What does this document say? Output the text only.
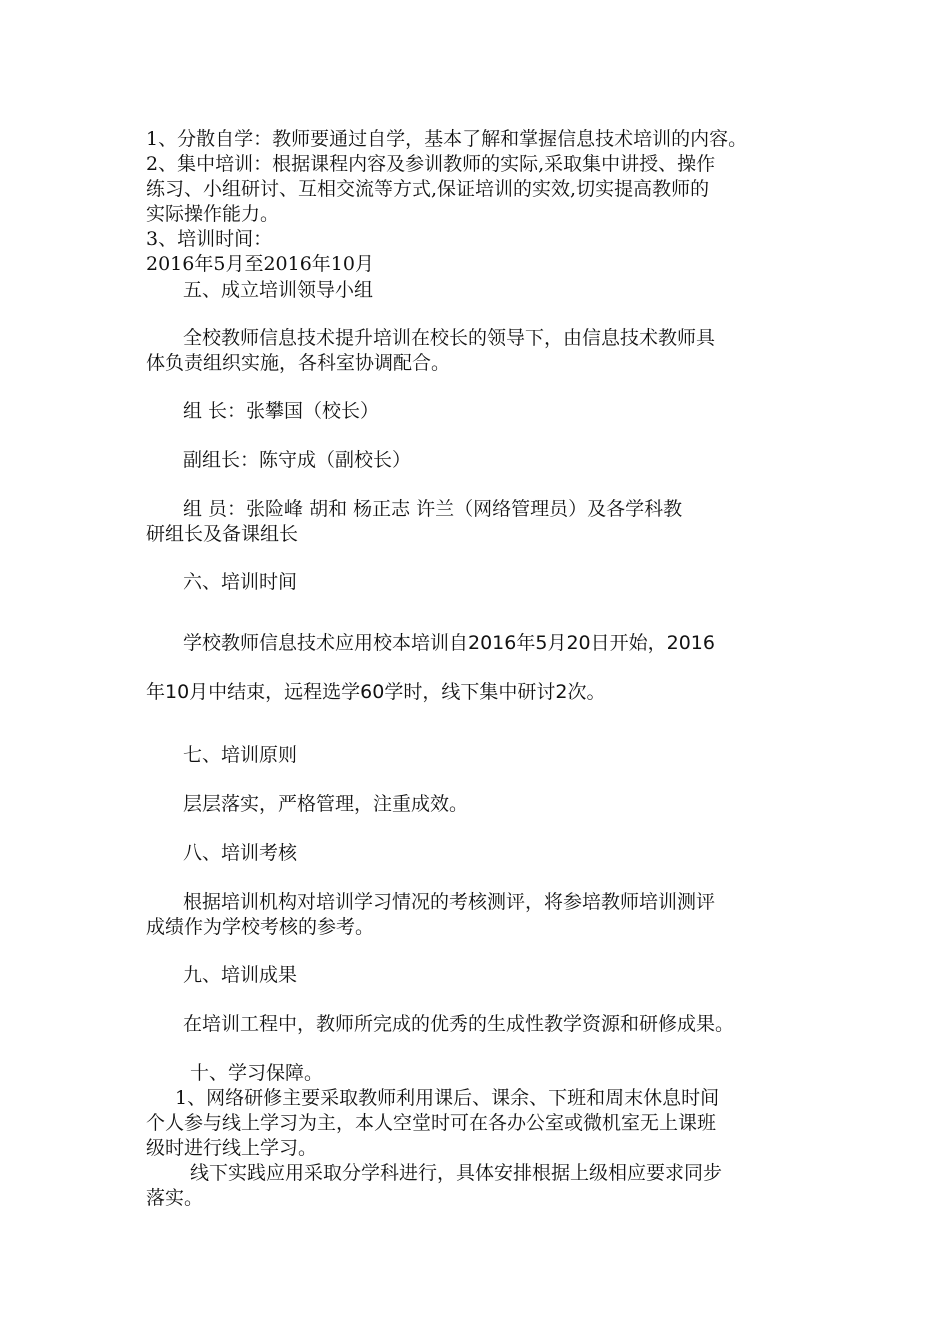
1、分散自学：教师要通过自学，基本了解和掌握信息技术培训的内容。
2、集中培训：根据课程内容及参训教师的实际,采取集中讲授、操作
练习、小组研讨、互相交流等方式,保证培训的实效,切实提高教师的
实际操作能力。
3、培训时间：
2016年5月至2016年10月
五、成立培训领导小组
全校教师信息技术提升培训在校长的领导下，由信息技术教师具
体负责组织实施，各科室协调配合。
组 长：张攀国（校长）
副组长：陈守成（副校长）
组 员：张险峰 胡和 杨正志 许兰（网络管理员）及各学科教
研组长及备课组长
六、培训时间
学校教师信息技术应用校本培训自2016年5月20日开始，2016
年10月中结束，远程选学60学时，线下集中研讨2次。
七、培训原则
层层落实，严格管理，注重成效。
八、培训考核
根据培训机构对培训学习情况的考核测评，将参培教师培训测评
成绩作为学校考核的参考。
九、培训成果
在培训工程中，教师所完成的优秀的生成性教学资源和研修成果。
十、学习保障。
1、网络研修主要采取教师利用课后、课余、下班和周末休息时间
个人参与线上学习为主，本人空堂时可在各办公室或微机室无上课班
级时进行线上学习。
线下实践应用采取分学科进行，具体安排根据上级相应要求同步
落实。
